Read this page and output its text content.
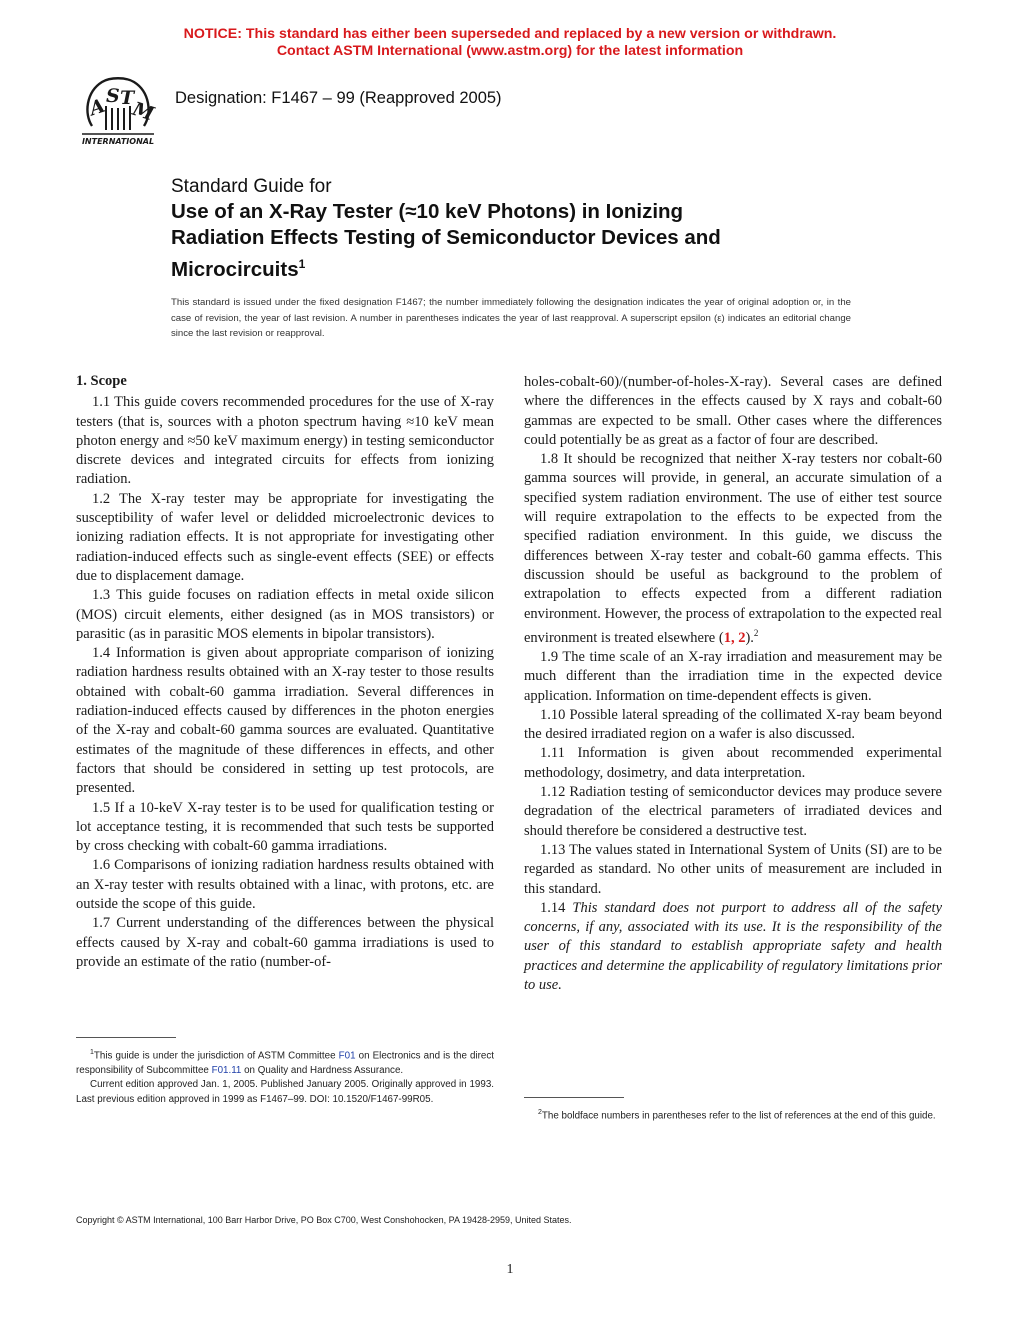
NOTICE: This standard has either been superseded and replaced by a new version or withdrawn.
Contact ASTM International (www.astm.org) for the latest information
A
S T
M
INTERNATIONAL
Designation: F1467 – 99 (Reapproved 2005)
Standard Guide for
Use of an X-Ray Tester (≈10 keV Photons) in Ionizing
Radiation Effects Testing of Semiconductor Devices and
Microcircuits$^1$
This standard is issued under the fixed designation F1467; the number immediately following the designation indicates the year of original adoption or, in the case of revision, the year of last revision. A number in parentheses indicates the year of last reapproval. A superscript epsilon (ε) indicates an editorial change since the last revision or reapproval.
1. Scope

1.1 This guide covers recommended procedures for the use of X-ray testers (that is, sources with a photon spectrum having ≈10 keV mean photon energy and ≈50 keV maximum energy) in testing semiconductor discrete devices and integrated circuits for effects from ionizing radiation.

1.2 The X-ray tester may be appropriate for investigating the susceptibility of wafer level or delidded microelectronic devices to ionizing radiation effects. It is not appropriate for investigating other radiation-induced effects such as single-event effects (SEE) or effects due to displacement damage.

1.3 This guide focuses on radiation effects in metal oxide silicon (MOS) circuit elements, either designed (as in MOS transistors) or parasitic (as in parasitic MOS elements in bipolar transistors).

1.4 Information is given about appropriate comparison of ionizing radiation hardness results obtained with an X-ray tester to those results obtained with cobalt-60 gamma irradiation. Several differences in radiation-induced effects caused by differences in the photon energies of the X-ray and cobalt-60 gamma sources are evaluated. Quantitative estimates of the magnitude of these differences in effects, and other factors that should be considered in setting up test protocols, are presented.

1.5 If a 10-keV X-ray tester is to be used for qualification testing or lot acceptance testing, it is recommended that such tests be supported by cross checking with cobalt-60 gamma irradiations.

1.6 Comparisons of ionizing radiation hardness results obtained with an X-ray tester with results obtained with a linac, with protons, etc. are outside the scope of this guide.

1.7 Current understanding of the differences between the physical effects caused by X-ray and cobalt-60 gamma irradiations is used to provide an estimate of the ratio (number-of-

holes-cobalt-60)/(number-of-holes-X-ray). Several cases are defined where the differences in the effects caused by X rays and cobalt-60 gammas are expected to be small. Other cases where the differences could potentially be as great as a factor of four are described.

1.8 It should be recognized that neither X-ray testers nor cobalt-60 gamma sources will provide, in general, an accurate simulation of a specified system radiation environment. The use of either test source will require extrapolation to the effects to be expected from the specified radiation environment. In this guide, we discuss the differences between X-ray tester and cobalt-60 gamma effects. This discussion should be useful as background to the problem of extrapolation to effects expected from a different radiation environment. However, the process of extrapolation to the expected real environment is treated elsewhere (1, 2).$^2$

1.9 The time scale of an X-ray irradiation and measurement may be much different than the irradiation time in the expected device application. Information on time-dependent effects is given.

1.10 Possible lateral spreading of the collimated X-ray beam beyond the desired irradiated region on a wafer is also discussed.

1.11 Information is given about recommended experimental methodology, dosimetry, and data interpretation.

1.12 Radiation testing of semiconductor devices may produce severe degradation of the electrical parameters of irradiated devices and should therefore be considered a destructive test.

1.13 The values stated in International System of Units (SI) are to be regarded as standard. No other units of measurement are included in this standard.

1.14 This standard does not purport to address all of the safety concerns, if any, associated with its use. It is the responsibility of the user of this standard to establish appropriate safety and health practices and determine the applicability of regulatory limitations prior to use.

$^1$This guide is under the jurisdiction of ASTM Committee F01 on Electronics and is the direct responsibility of Subcommittee F01.11 on Quality and Hardness Assurance.

Current edition approved Jan. 1, 2005. Published January 2005. Originally approved in 1993. Last previous edition approved in 1999 as F1467–99. DOI: 10.1520/F1467-99R05.

$^2$The boldface numbers in parentheses refer to the list of references at the end of this guide.

Copyright © ASTM International, 100 Barr Harbor Drive, PO Box C700, West Conshohocken, PA 19428-2959, United States.
1
